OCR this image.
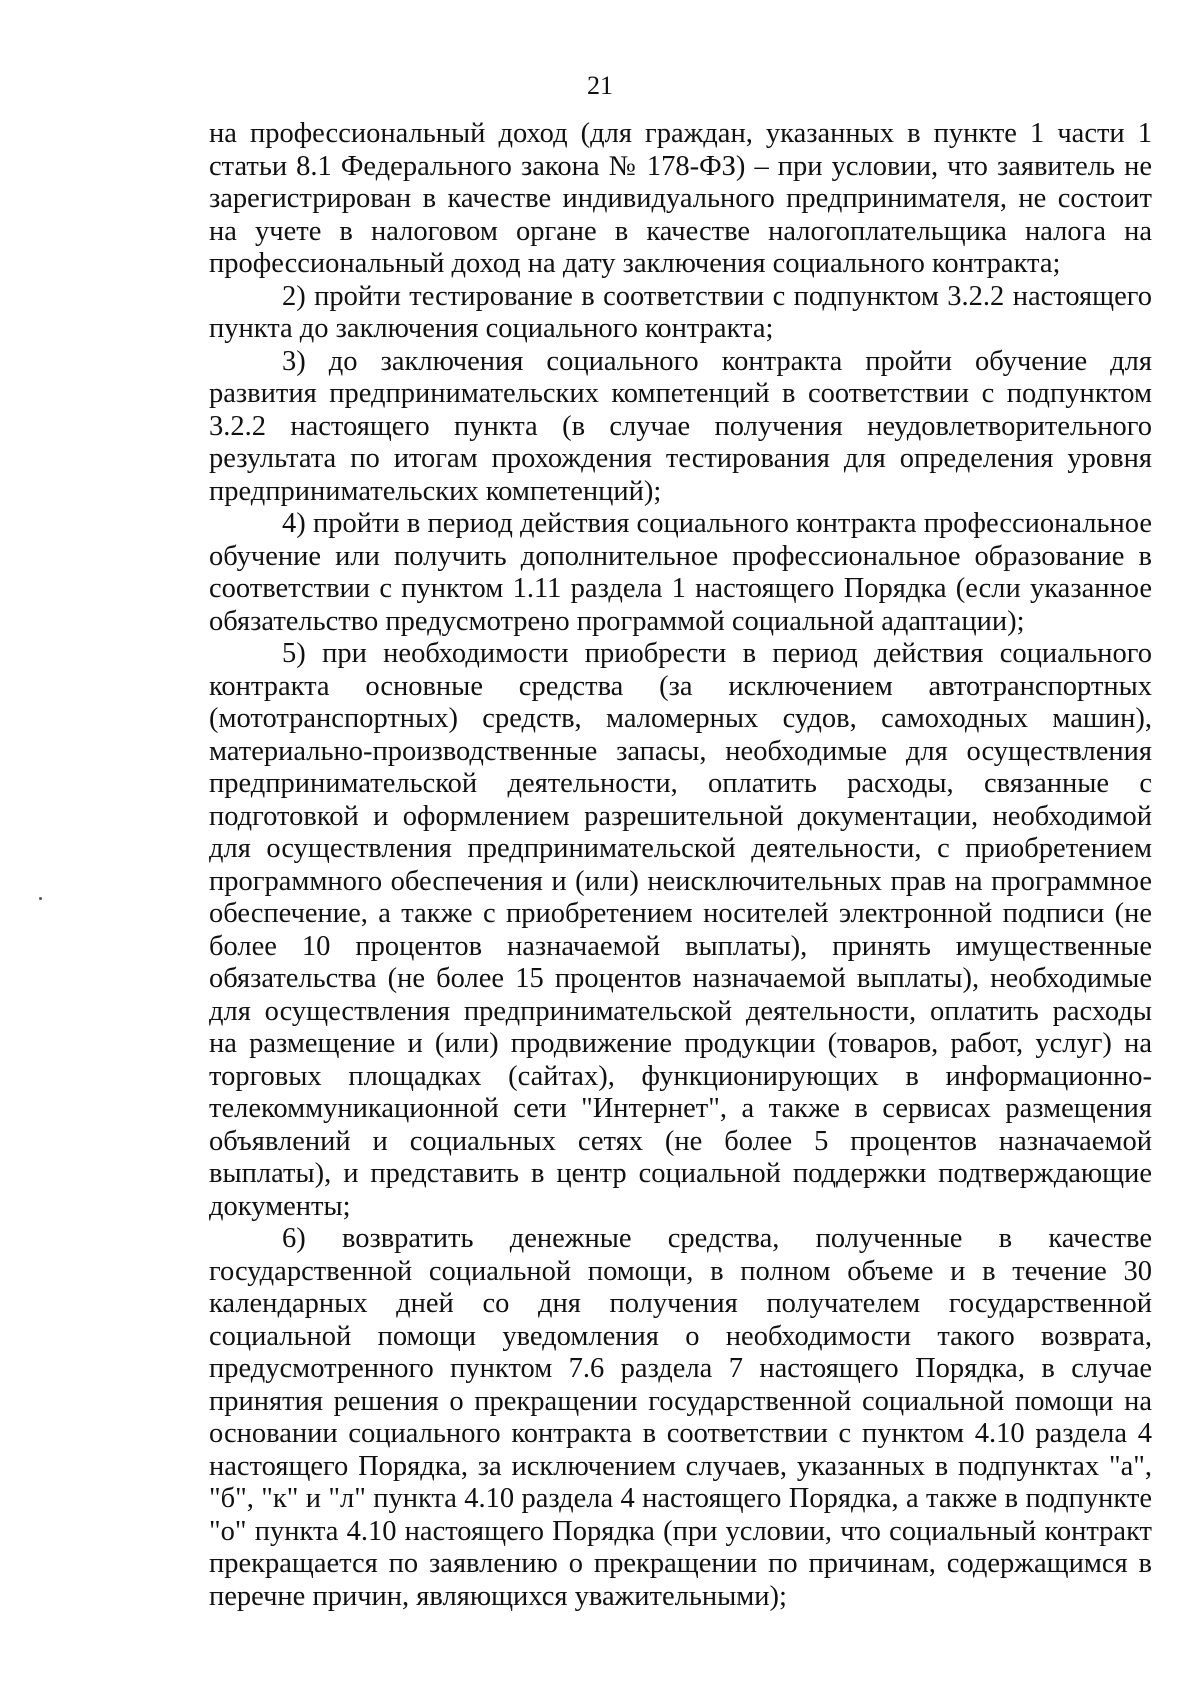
21

на профессиональный доход (для граждан, указанных в пункте 1 части 1 статьи 8.1 Федерального закона № 178-ФЗ) – при условии, что заявитель не зарегистрирован в качестве индивидуального предпринимателя, не состоит на учете в налоговом органе в качестве налогоплательщика налога на профессиональный доход на дату заключения социального контракта;

2) пройти тестирование в соответствии с подпунктом 3.2.2 настоящего пункта до заключения социального контракта;

3) до заключения социального контракта пройти обучение для развития предпринимательских компетенций в соответствии с подпунктом 3.2.2 настоящего пункта (в случае получения неудовлетворительного результата по итогам прохождения тестирования для определения уровня предпринимательских компетенций);

4) пройти в период действия социального контракта профессиональное обучение или получить дополнительное профессиональное образование в соответствии с пунктом 1.11 раздела 1 настоящего Порядка (если указанное обязательство предусмотрено программой социальной адаптации);

5) при необходимости приобрести в период действия социального контракта основные средства (за исключением автотранспортных (мототранспортных) средств, маломерных судов, самоходных машин), материально-производственные запасы, необходимые для осуществления предпринимательской деятельности, оплатить расходы, связанные с подготовкой и оформлением разрешительной документации, необходимой для осуществления предпринимательской деятельности, с приобретением программного обеспечения и (или) неисключительных прав на программное обеспечение, а также с приобретением носителей электронной подписи (не более 10 процентов назначаемой выплаты), принять имущественные обязательства (не более 15 процентов назначаемой выплаты), необходимые для осуществления предпринимательской деятельности, оплатить расходы на размещение и (или) продвижение продукции (товаров, работ, услуг) на торговых площадках (сайтах), функционирующих в информационно-телекоммуникационной сети "Интернет", а также в сервисах размещения объявлений и социальных сетях (не более 5 процентов назначаемой выплаты), и представить в центр социальной поддержки подтверждающие документы;

6) возвратить денежные средства, полученные в качестве государственной социальной помощи, в полном объеме и в течение 30 календарных дней со дня получения получателем государственной социальной помощи уведомления о необходимости такого возврата, предусмотренного пунктом 7.6 раздела 7 настоящего Порядка, в случае принятия решения о прекращении государственной социальной помощи на основании социального контракта в соответствии с пунктом 4.10 раздела 4 настоящего Порядка, за исключением случаев, указанных в подпунктах "а", "б", "к" и "л" пункта 4.10 раздела 4 настоящего Порядка, а также в подпункте "о" пункта 4.10 настоящего Порядка (при условии, что социальный контракт прекращается по заявлению о прекращении по причинам, содержащимся в перечне причин, являющихся уважительными);
